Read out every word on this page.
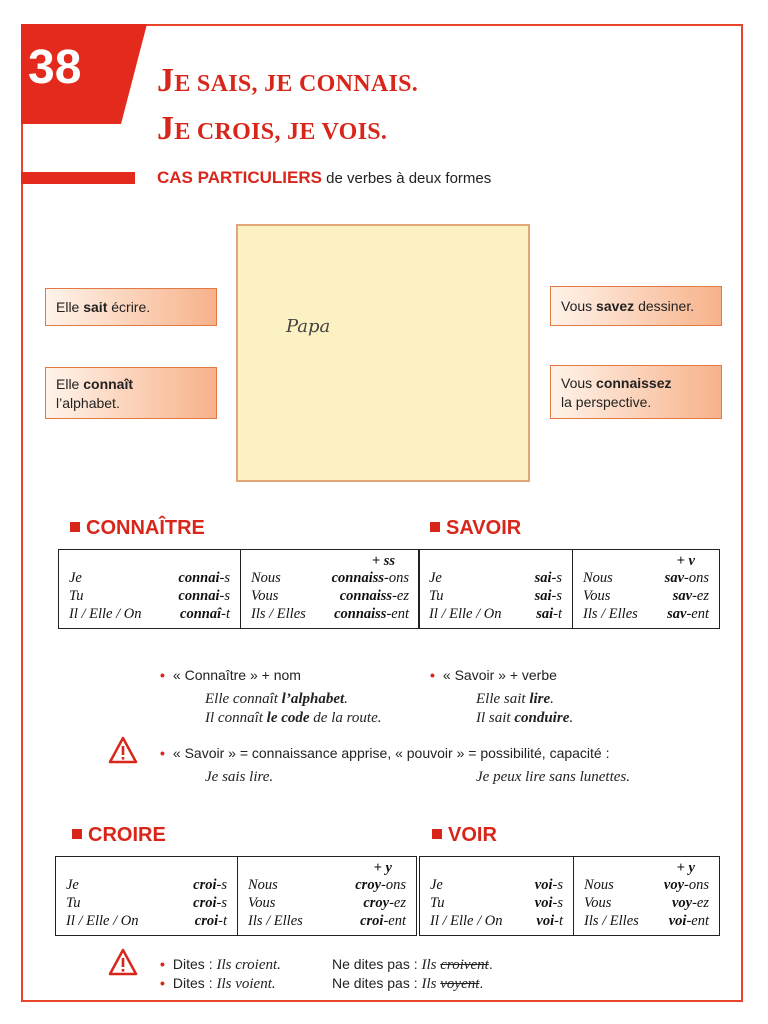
38 JE SAIS, JE CONNAIS.
JE CROIS, JE VOIS.
CAS PARTICULIERS de verbes à deux formes
Papa
Elle sait écrire.
Elle connaît
l’alphabet.
Vous savez dessiner.
Vous connaissez
la perspective.
CONNAÎTRE
Je	connai-s
Tu	connai-s
Il / Elle / On	connaî-t

+ ss
Nous	connaiss-ons
Vous	connaiss-ez
Ils / Elles connaiss-ent
SAVOIR
Je	sai-s
Tu	sai-s
Il / Elle / On sai-t

+ v
Nous	sav-ons
Vous	sav-ez
Ils / Elles sav-ent
• « Connaître » + nom
Elle connaît l’alphabet.
Il connaît le code de la route.
• « Savoir » + verbe
Elle sait lire.
Il sait conduire.
• « Savoir » = connaissance apprise, « pouvoir » = possibilité, capacité :
Je sais lire.	Je peux lire sans lunettes.
CROIRE
Je	croi-s
Tu	croi-s
Il / Elle / On	croi-t

+ y
Nous	croy-ons
Vous	croy-ez
Ils / Elles	croi-ent
VOIR
Je	voi-s
Tu	voi-s
Il / Elle / On voi-t

+ y
Nous	voy-ons
Vous	voy-ez
Ils / Elles voi-ent
• Dites : Ils croient.	Ne dites pas : Ils croivent.
• Dites : Ils voient.	Ne dites pas : Ils voyent.
